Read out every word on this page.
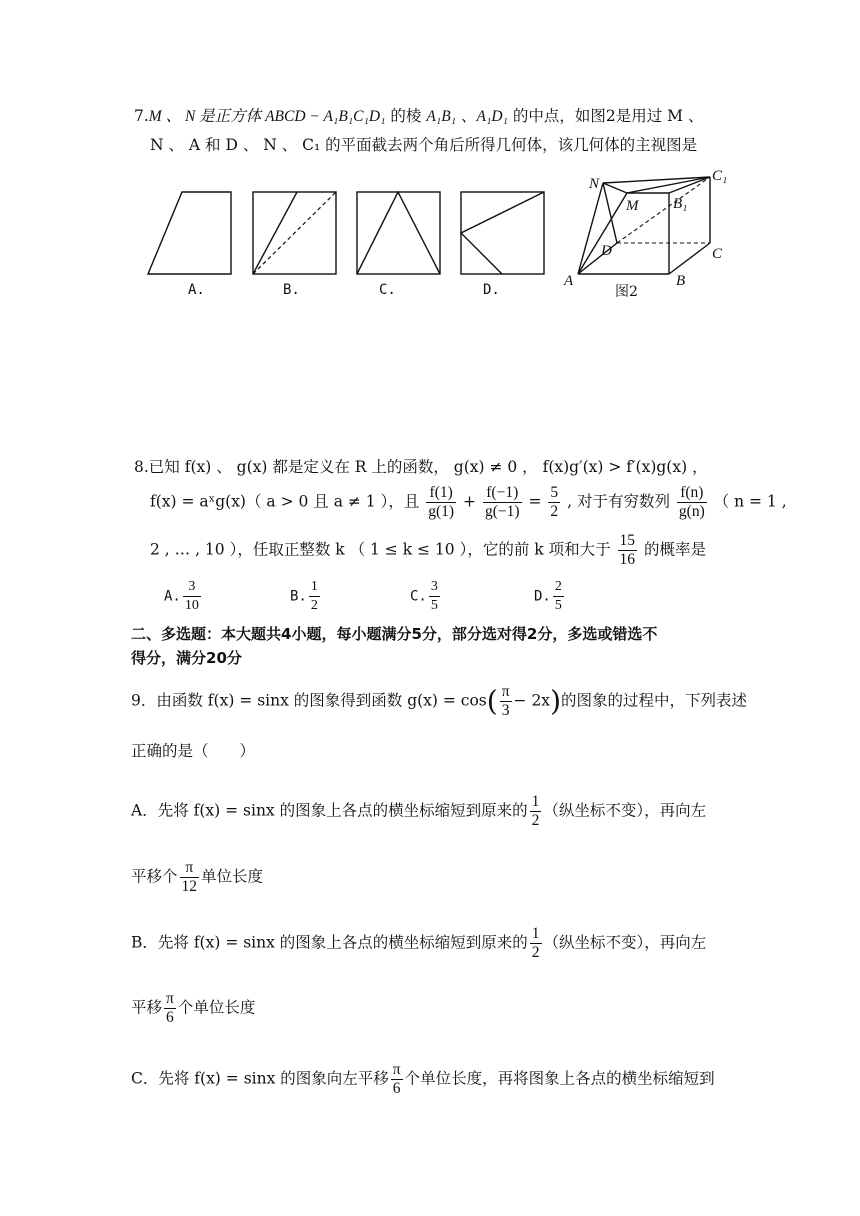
7.M 、 N 是正方体 ABCD − A₁B₁C₁D₁ 的棱 A₁B₁ 、A₁D₁ 的中点，如图2是用过 M 、
N 、 A 和 D 、 N 、 C₁ 的平面截去两个角后所得几何体，该几何体的主视图是
N	C₁
M B₁
D	C
A	B
A.	B.	C.	D.	图2
8.已知 f(x) 、 g(x) 都是定义在 R 上的函数， g(x) ≠ 0 ， f(x)g′(x) > f′(x)g(x) ，
f(x) = aˣg(x)（ a > 0 且 a ≠ 1 ），且 $\frac{f(1)}{g(1)} + \frac{f(-1)}{g(-1)} = \frac{5}{2}$ , 对于有穷数列 $\frac{f(n)}{g(n)}$ （ n = 1 ,
2 , … , 10 ），任取正整数 k （ 1 ≤ k ≤ 10 ），它的前 k 项和大于 $\frac{15}{16}$ 的概率是
A. $\frac{3}{10}$	B. $\frac{1}{2}$	C. $\frac{3}{5}$	D. $\frac{2}{5}$
二、多选题：本大题共4小题，每小题满分5分，部分选对得2分，多选或错选不
得分，满分20分
9．由函数 f(x) = sinx 的图象得到函数 $g(x) = \cos( \frac{\pi}{3} - 2x)$的图象的过程中，下列表述
正确的是（　　）
A．先将 f(x) = sinx 的图象上各点的横坐标缩短到原来的 $\frac{1}{2}$ （纵坐标不变），再向左
平移个 $\frac{\pi}{12}$ 单位长度
B．先将 f(x) = sinx 的图象上各点的横坐标缩短到原来的 $\frac{1}{2}$ （纵坐标不变），再向左
平移 $\frac{\pi}{6}$ 个单位长度
C．先将 f(x) = sinx 的图象向左平移 $\frac{\pi}{6}$ 个单位长度，再将图象上各点的横坐标缩短到
